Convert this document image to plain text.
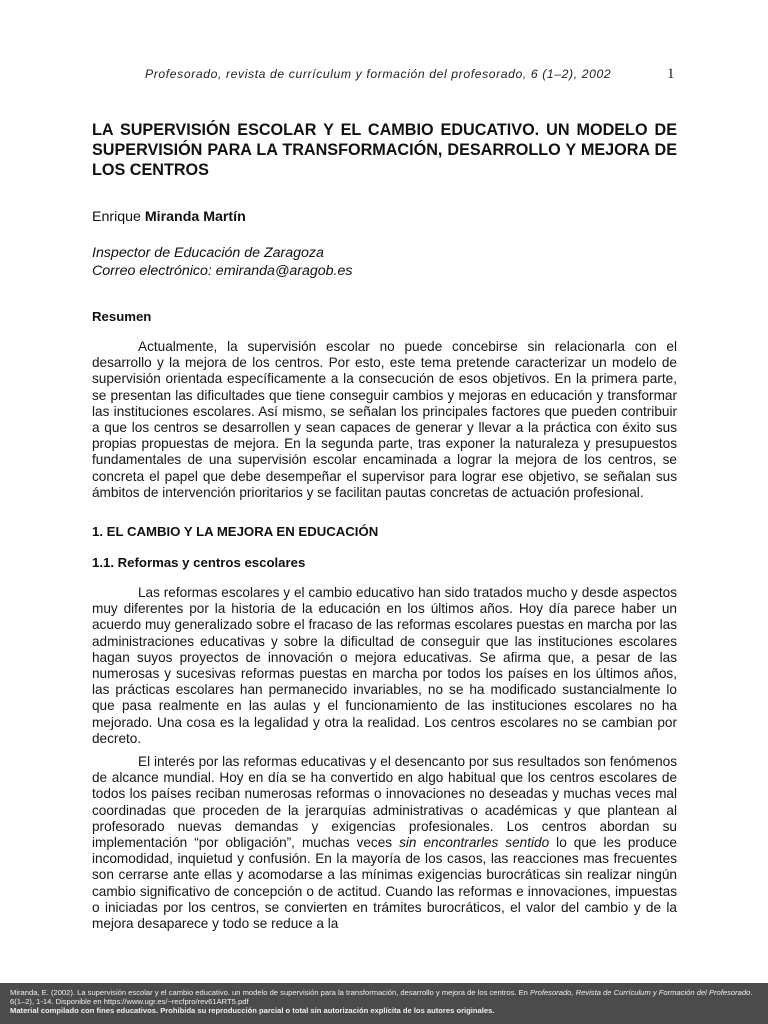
Profesorado, revista de currículum y formación del profesorado, 6 (1–2), 2002	1
LA SUPERVISIÓN ESCOLAR Y EL CAMBIO EDUCATIVO. UN MODELO DE SUPERVISIÓN PARA LA TRANSFORMACIÓN, DESARROLLO Y MEJORA DE LOS CENTROS
Enrique Miranda Martín
Inspector de Educación de Zaragoza
Correo electrónico: emiranda@aragob.es
Resumen

Actualmente, la supervisión escolar no puede concebirse sin relacionarla con el desarrollo y la mejora de los centros. Por esto, este tema pretende caracterizar un modelo de supervisión orientada específicamente a la consecución de esos objetivos. En la primera parte, se presentan las dificultades que tiene conseguir cambios y mejoras en educación y transformar las instituciones escolares. Así mismo, se señalan los principales factores que pueden contribuir a que los centros se desarrollen y sean capaces de generar y llevar a la práctica con éxito sus propias propuestas de mejora. En la segunda parte, tras exponer la naturaleza y presupuestos fundamentales de una supervisión escolar encaminada a lograr la mejora de los centros, se concreta el papel que debe desempeñar el supervisor para lograr ese objetivo, se señalan sus ámbitos de intervención prioritarios y se facilitan pautas concretas de actuación profesional.

1. EL CAMBIO Y LA MEJORA EN EDUCACIÓN
1.1. Reformas y centros escolares

Las reformas escolares y el cambio educativo han sido tratados mucho y desde aspectos muy diferentes por la historia de la educación en los últimos años. Hoy día parece haber un acuerdo muy generalizado sobre el fracaso de las reformas escolares puestas en marcha por las administraciones educativas y sobre la dificultad de conseguir que las instituciones escolares hagan suyos proyectos de innovación o mejora educativas. Se afirma que, a pesar de las numerosas y sucesivas reformas puestas en marcha por todos los países en los últimos años, las prácticas escolares han permanecido invariables, no se ha modificado sustancialmente lo que pasa realmente en las aulas y el funcionamiento de las instituciones escolares no ha mejorado. Una cosa es la legalidad y otra la realidad. Los centros escolares no se cambian por decreto.

El interés por las reformas educativas y el desencanto por sus resultados son fenómenos de alcance mundial. Hoy en día se ha convertido en algo habitual que los centros escolares de todos los países reciban numerosas reformas o innovaciones no deseadas y muchas veces mal coordinadas que proceden de la jerarquías administrativas o académicas y que plantean al profesorado nuevas demandas y exigencias profesionales. Los centros abordan su implementación “por obligación”, muchas veces sin encontrarles sentido lo que les produce incomodidad, inquietud y confusión. En la mayoría de los casos, las reacciones mas frecuentes son cerrarse ante ellas y acomodarse a las mínimas exigencias burocráticas sin realizar ningún cambio significativo de concepción o de actitud. Cuando las reformas e innovaciones, impuestas o iniciadas por los centros, se convierten en trámites burocráticos, el valor del cambio y de la mejora desaparece y todo se reduce a la

Miranda, E. (2002). La supervisión escolar y el cambio educativo. un modelo de supervisión para la transformación, desarrollo y mejora de los centros. En Profesorado, Revista de Currículum y Formación del Profesorado. 6(1–2), 1-14. Disponible en https://www.ugr.es/~recfpro/rev61ART5.pdf
Material compilado con fines educativos. Prohibida su reproducción parcial o total sin autorización explícita de los autores originales.
